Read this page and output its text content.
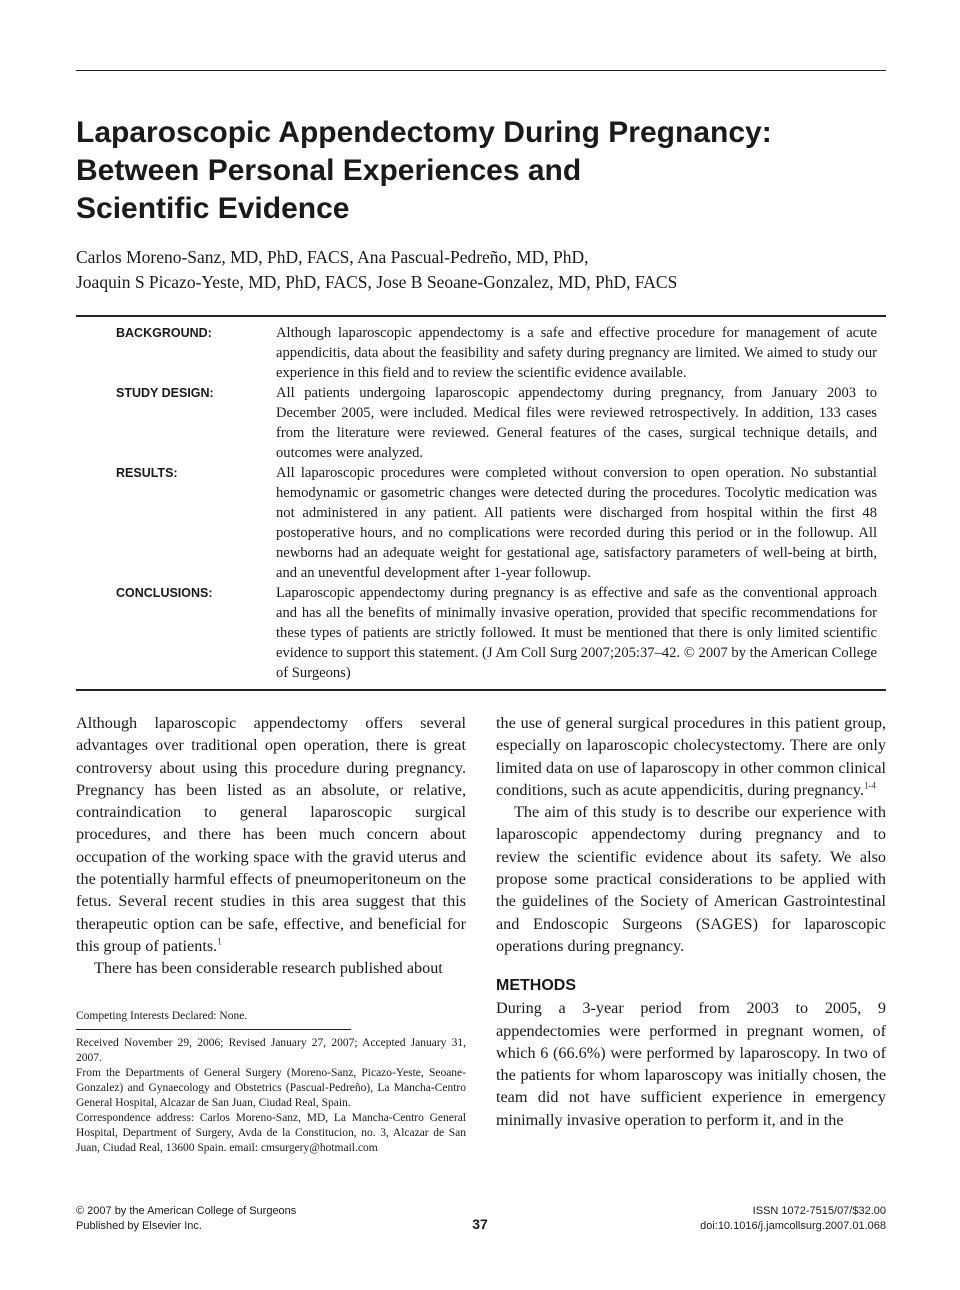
Laparoscopic Appendectomy During Pregnancy:
Between Personal Experiences and
Scientific Evidence
Carlos Moreno-Sanz, MD, PhD, FACS, Ana Pascual-Pedreño, MD, PhD,
Joaquin S Picazo-Yeste, MD, PhD, FACS, Jose B Seoane-Gonzalez, MD, PhD, FACS
BACKGROUND:	Although laparoscopic appendectomy is a safe and effective procedure for management of acute appendicitis, data about the feasibility and safety during pregnancy are limited. We aimed to study our experience in this field and to review the scientific evidence available.
STUDY DESIGN:	All patients undergoing laparoscopic appendectomy during pregnancy, from January 2003 to December 2005, were included. Medical files were reviewed retrospectively. In addition, 133 cases from the literature were reviewed. General features of the cases, surgical technique details, and outcomes were analyzed.
RESULTS:	All laparoscopic procedures were completed without conversion to open operation. No substantial hemodynamic or gasometric changes were detected during the procedures. Tocolytic medication was not administered in any patient. All patients were discharged from hospital within the first 48 postoperative hours, and no complications were recorded during this period or in the followup. All newborns had an adequate weight for gestational age, satisfactory parameters of well-being at birth, and an uneventful development after 1-year followup.
CONCLUSIONS:	Laparoscopic appendectomy during pregnancy is as effective and safe as the conventional approach and has all the benefits of minimally invasive operation, provided that specific recommendations for these types of patients are strictly followed. It must be mentioned that there is only limited scientific evidence to support this statement. (J Am Coll Surg 2007;205:37–42. © 2007 by the American College of Surgeons)

Although laparoscopic appendectomy offers several advantages over traditional open operation, there is great controversy about using this procedure during pregnancy. Pregnancy has been listed as an absolute, or relative, contraindication to general laparoscopic surgical procedures, and there has been much concern about occupation of the working space with the gravid uterus and the potentially harmful effects of pneumoperitoneum on the fetus. Several recent studies in this area suggest that this therapeutic option can be safe, effective, and beneficial for this group of patients.$^1$

There has been considerable research published about

Competing Interests Declared: None.

Received November 29, 2006; Revised January 27, 2007; Accepted January 31, 2007.

From the Departments of General Surgery (Moreno-Sanz, Picazo-Yeste, Seoane-Gonzalez) and Gynaecology and Obstetrics (Pascual-Pedreño), La Mancha-Centro General Hospital, Alcazar de San Juan, Ciudad Real, Spain.

Correspondence address: Carlos Moreno-Sanz, MD, La Mancha-Centro General Hospital, Department of Surgery, Avda de la Constitucion, no. 3, Alcazar de San Juan, Ciudad Real, 13600 Spain. email: cmsurgery@hotmail.com

the use of general surgical procedures in this patient group, especially on laparoscopic cholecystectomy. There are only limited data on use of laparoscopy in other common clinical conditions, such as acute appendicitis, during pregnancy.$^{1-4}$

The aim of this study is to describe our experience with laparoscopic appendectomy during pregnancy and to review the scientific evidence about its safety. We also propose some practical considerations to be applied with the guidelines of the Society of American Gastrointestinal and Endoscopic Surgeons (SAGES) for laparoscopic operations during pregnancy.

METHODS

During a 3-year period from 2003 to 2005, 9 appendectomies were performed in pregnant women, of which 6 (66.6%) were performed by laparoscopy. In two of the patients for whom laparoscopy was initially chosen, the team did not have sufficient experience in emergency minimally invasive operation to perform it, and in the

© 2007 by the American College of Surgeons
Published by Elsevier Inc.	37
ISSN 1072-7515/07/$32.00
doi:10.1016/j.jamcollsurg.2007.01.068
